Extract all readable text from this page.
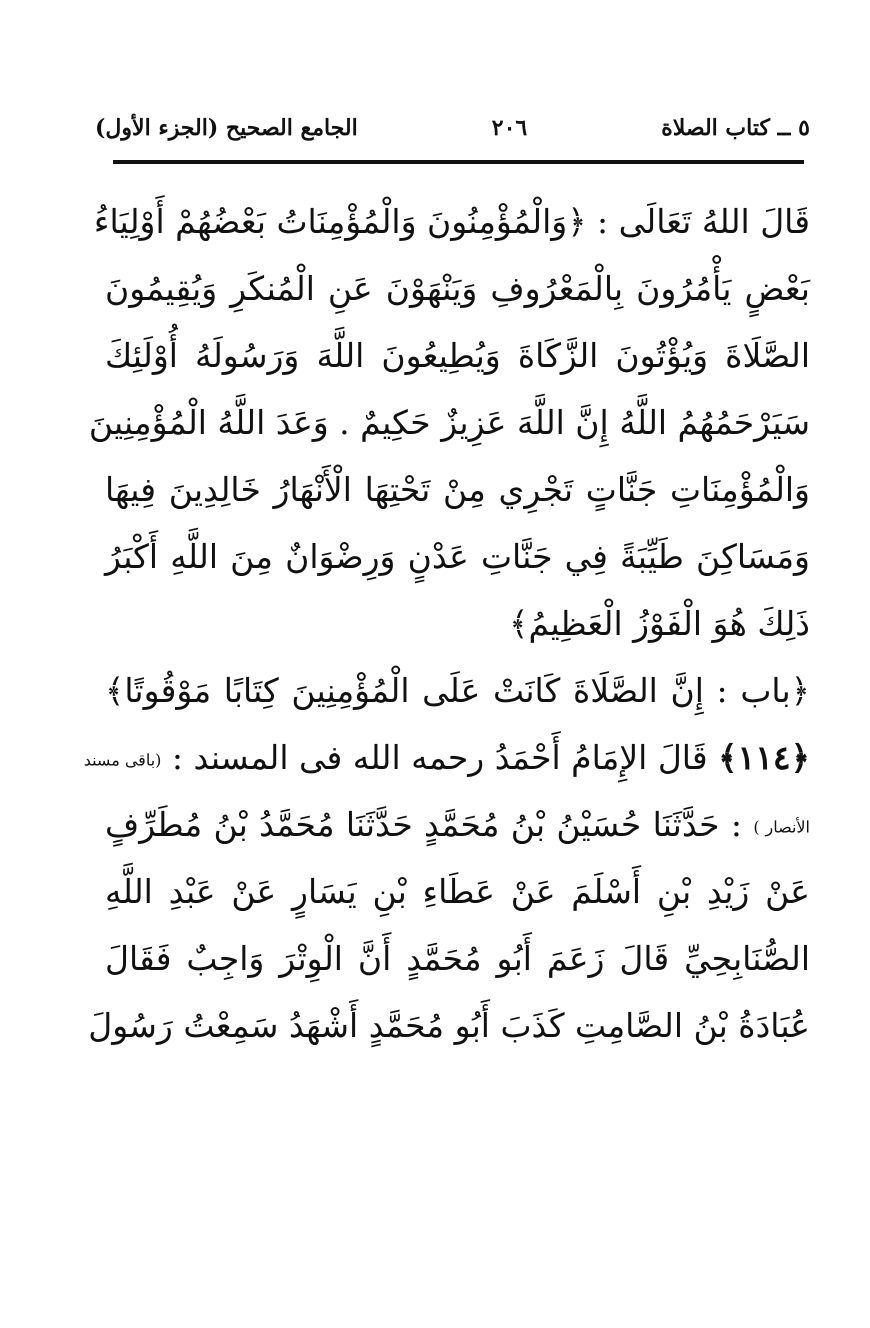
٥ ــ كتاب الصلاة
٢٠٦
الجامع الصحيح (الجزء الأول)
قَالَ اللهُ تَعَالَى : ﴿وَالْمُؤْمِنُونَ وَالْمُؤْمِنَاتُ بَعْضُهُمْ أَوْلِيَاءُ
بَعْضٍ يَأْمُرُونَ بِالْمَعْرُوفِ وَيَنْهَوْنَ عَنِ الْمُنكَرِ وَيُقِيمُونَ
الصَّلَاةَ وَيُؤْتُونَ الزَّكَاةَ وَيُطِيعُونَ اللَّهَ وَرَسُولَهُ أُوْلَئِكَ
سَيَرْحَمُهُمُ اللَّهُ إِنَّ اللَّهَ عَزِيزٌ حَكِيمٌ . وَعَدَ اللَّهُ الْمُؤْمِنِينَ
وَالْمُؤْمِنَاتِ جَنَّاتٍ تَجْرِي مِنْ تَحْتِهَا الْأَنْهَارُ خَالِدِينَ فِيهَا
وَمَسَاكِنَ طَيِّبَةً فِي جَنَّاتِ عَدْنٍ وَرِضْوَانٌ مِنَ اللَّهِ أَكْبَرُ
ذَلِكَ هُوَ الْفَوْزُ الْعَظِيمُ﴾
﴿باب : إِنَّ الصَّلَاةَ كَانَتْ عَلَى الْمُؤْمِنِينَ كِتَابًا مَوْقُوتًا﴾
﴿١١٤﴾ قَالَ الإِمَامُ أَحْمَدُ رحمه الله فى المسند : (باقى مسند
الأنصار ) : حَدَّثَنَا حُسَيْنُ بْنُ مُحَمَّدٍ حَدَّثَنَا مُحَمَّدُ بْنُ مُطَرِّفٍ
عَنْ زَيْدِ بْنِ أَسْلَمَ عَنْ عَطَاءِ بْنِ يَسَارٍ عَنْ عَبْدِ اللَّهِ
الصُّنَابِحِيِّ قَالَ زَعَمَ أَبُو مُحَمَّدٍ أَنَّ الْوِتْرَ وَاجِبٌ فَقَالَ
عُبَادَةُ بْنُ الصَّامِتِ كَذَبَ أَبُو مُحَمَّدٍ أَشْهَدُ سَمِعْتُ رَسُولَ
